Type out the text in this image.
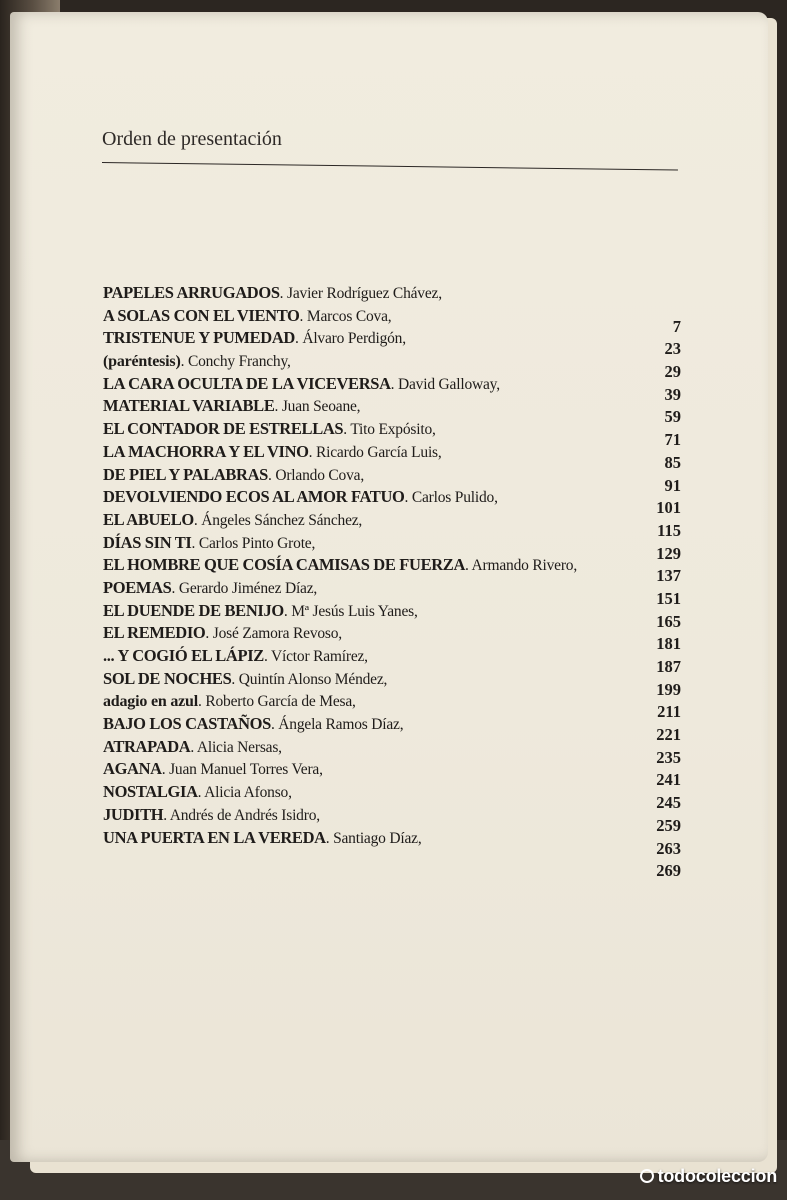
Orden de presentación
PAPELES ARRUGADOS. Javier Rodríguez Chávez,
A SOLAS CON EL VIENTO. Marcos Cova,
7
TRISTENUE Y PUMEDAD. Álvaro Perdigón,
23
(paréntesis). Conchy Franchy,
29
LA CARA OCULTA DE LA VICEVERSA. David Galloway,
39
MATERIAL VARIABLE. Juan Seoane,
59
EL CONTADOR DE ESTRELLAS. Tito Expósito,
71
LA MACHORRA Y EL VINO. Ricardo García Luis,
85
DE PIEL Y PALABRAS. Orlando Cova,
91
DEVOLVIENDO ECOS AL AMOR FATUO. Carlos Pulido,
101
EL ABUELO. Ángeles Sánchez Sánchez,
115
DÍAS SIN TI. Carlos Pinto Grote,
129
EL HOMBRE QUE COSÍA CAMISAS DE FUERZA. Armando Rivero,
137
POEMAS. Gerardo Jiménez Díaz,
151
EL DUENDE DE BENIJO. Mª Jesús Luis Yanes,
165
EL REMEDIO. José Zamora Revoso,
181
... Y COGIÓ EL LÁPIZ. Víctor Ramírez,
187
SOL DE NOCHES. Quintín Alonso Méndez,
199
adagio en azul. Roberto García de Mesa,
211
BAJO LOS CASTAÑOS. Ángela Ramos Díaz,
221
ATRAPADA. Alicia Nersas,
235
AGANA. Juan Manuel Torres Vera,
241
NOSTALGIA. Alicia Afonso,
245
JUDITH. Andrés de Andrés Isidro,
259
UNA PUERTA EN LA VEREDA. Santiago Díaz,
263
269
todocoleccion
